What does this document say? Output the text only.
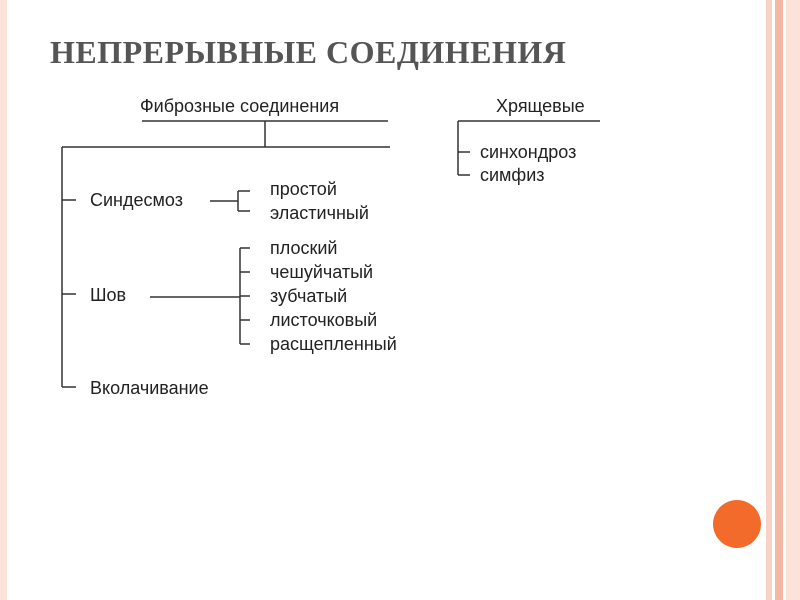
НЕПРЕРЫВНЫЕ СОЕДИНЕНИЯ
Фиброзные соединения
Синдесмоз
простой
эластичный
Шов
плоский
чешуйчатый
зубчатый
листочковый
расщепленный
Вколачивание
Хрящевые
синхондроз
симфиз
